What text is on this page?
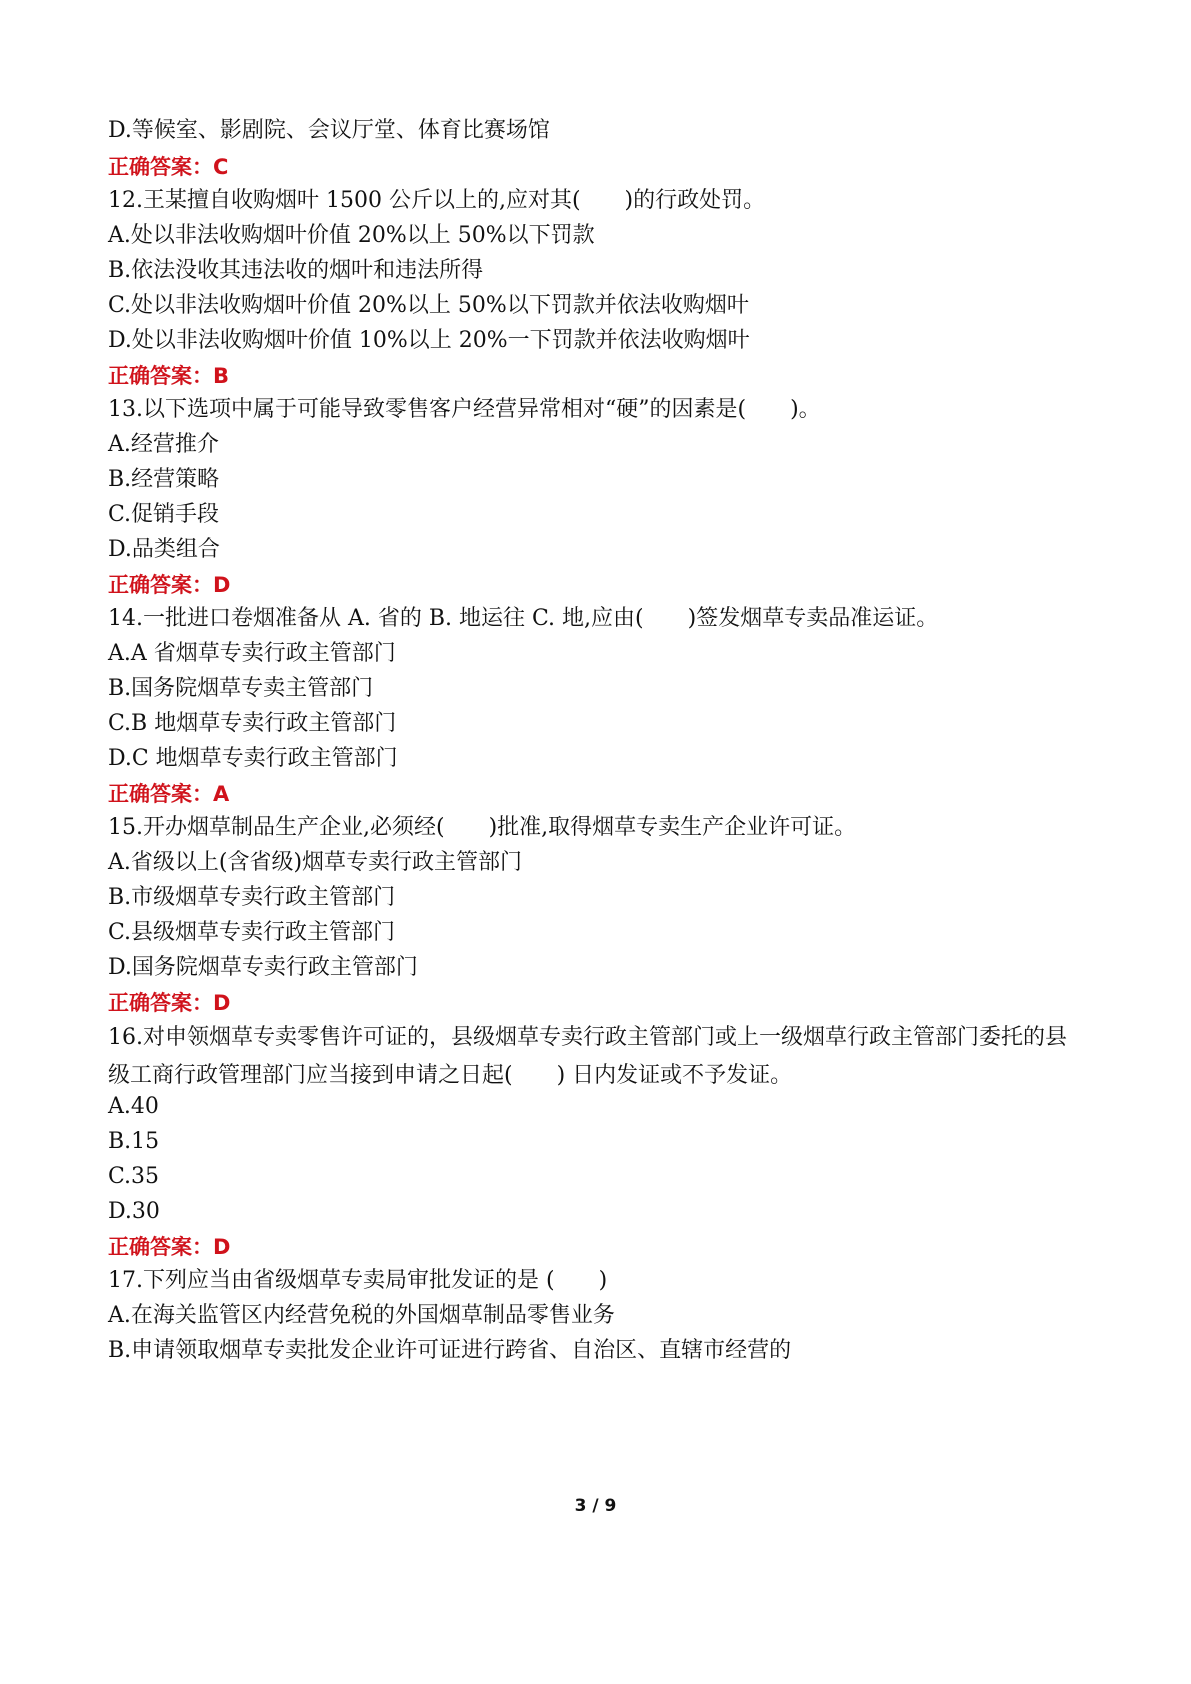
D.等候室、影剧院、会议厅堂、体育比赛场馆
正确答案：C
12.王某擅自收购烟叶 1500 公斤以上的,应对其(　　)的行政处罚。
A.处以非法收购烟叶价值 20%以上 50%以下罚款
B.依法没收其违法收的烟叶和违法所得
C.处以非法收购烟叶价值 20%以上 50%以下罚款并依法收购烟叶
D.处以非法收购烟叶价值 10%以上 20%一下罚款并依法收购烟叶
正确答案：B
13.以下选项中属于可能导致零售客户经营异常相对“硬”的因素是(　　)。
A.经营推介
B.经营策略
C.促销手段
D.品类组合
正确答案：D
14.一批进口卷烟准备从 A. 省的 B. 地运往 C. 地,应由(　　)签发烟草专卖品准运证。
A.A 省烟草专卖行政主管部门
B.国务院烟草专卖主管部门
C.B 地烟草专卖行政主管部门
D.C 地烟草专卖行政主管部门
正确答案：A
15.开办烟草制品生产企业,必须经(　　)批准,取得烟草专卖生产企业许可证。
A.省级以上(含省级)烟草专卖行政主管部门
B.市级烟草专卖行政主管部门
C.县级烟草专卖行政主管部门
D.国务院烟草专卖行政主管部门
正确答案：D
16.对申领烟草专卖零售许可证的，县级烟草专卖行政主管部门或上一级烟草行政主管部门委托的县级工商行政管理部门应当接到申请之日起(　　) 日内发证或不予发证。
A.40
B.15
C.35
D.30
正确答案：D
17.下列应当由省级烟草专卖局审批发证的是 (　　)
A.在海关监管区内经营免税的外国烟草制品零售业务
B.申请领取烟草专卖批发企业许可证进行跨省、自治区、直辖市经营的
3 / 9
